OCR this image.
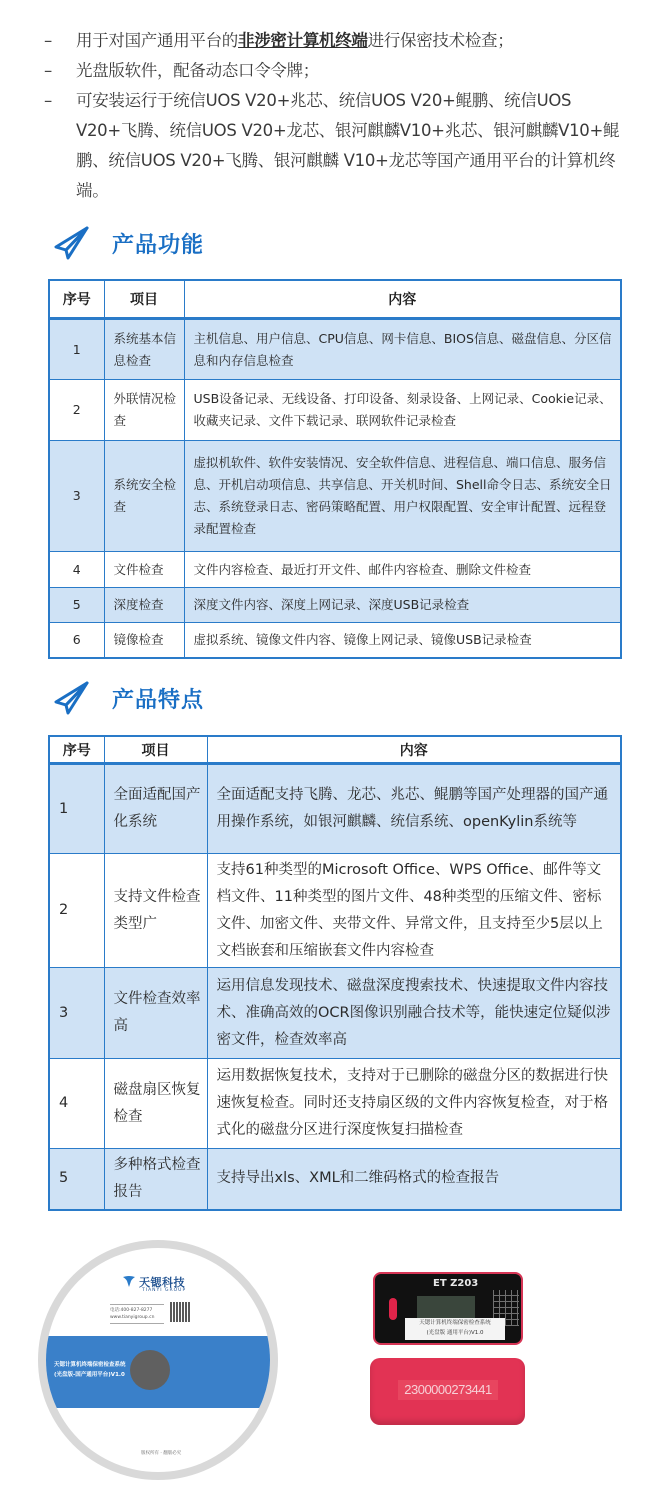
– 用于对国产通用平台的非涉密计算机终端进行保密技术检查；
– 光盘版软件，配备动态口令令牌；
– 可安装运行于统信UOS V20+兆芯、统信UOS V20+鲲鹏、统信UOS V20+飞腾、统信UOS V20+龙芯、银河麒麟V10+兆芯、银河麒麟V10+鲲鹏、统信UOS V20+飞腾、银河麒麟 V10+龙芯等国产通用平台的计算机终端。
产品功能
序号	项目	内容
1	系统基本信息检查	主机信息、用户信息、CPU信息、网卡信息、BIOS信息、磁盘信息、分区信息和内存信息检查
2	外联情况检查	USB设备记录、无线设备、打印设备、刻录设备、上网记录、Cookie记录、收藏夹记录、文件下载记录、联网软件记录检查
3	系统安全检查	虚拟机软件、软件安装情况、安全软件信息、进程信息、端口信息、服务信息、开机启动项信息、共享信息、开关机时间、Shell命令日志、系统安全日志、系统登录日志、密码策略配置、用户权限配置、安全审计配置、远程登录配置检查
4	文件检查	文件内容检查、最近打开文件、邮件内容检查、删除文件检查
5	深度检查	深度文件内容、深度上网记录、深度USB记录检查
6	镜像检查	虚拟系统、镜像文件内容、镜像上网记录、镜像USB记录检查
产品特点
序号	项目	内容
1	全面适配国产化系统	全面适配支持飞腾、龙芯、兆芯、鲲鹏等国产处理器的国产通用操作系统，如银河麒麟、统信系统、openKylin系统等
2	支持文件检查类型广	支持61种类型的Microsoft Office、WPS Office、邮件等文档文件、11种类型的图片文件、48种类型的压缩文件、密标文件、加密文件、夹带文件、异常文件，且支持至少5层以上文档嵌套和压缩嵌套文件内容检查
3	文件检查效率高	运用信息发现技术、磁盘深度搜索技术、快速提取文件内容技术、准确高效的OCR图像识别融合技术等，能快速定位疑似涉密文件，检查效率高
4	磁盘扇区恢复检查	运用数据恢复技术，支持对于已删除的磁盘分区的数据进行快速恢复检查。同时还支持扇区级的文件内容恢复检查，对于格式化的磁盘分区进行深度恢复扫描检查
5	多种格式检查报告	支持导出xls、XML和二维码格式的检查报告
天锶科技
TIANYI GROUP
电话:400-827-8277
www.tianyigroup.cn
天锶计算机终端保密检查系统
(光盘版-国产通用平台)V1.0
版权所有 · 翻版必究
ET Z203
天锶计算机终端保密检查系统
(光盘版 通用平台)V1.0
2300000273441
